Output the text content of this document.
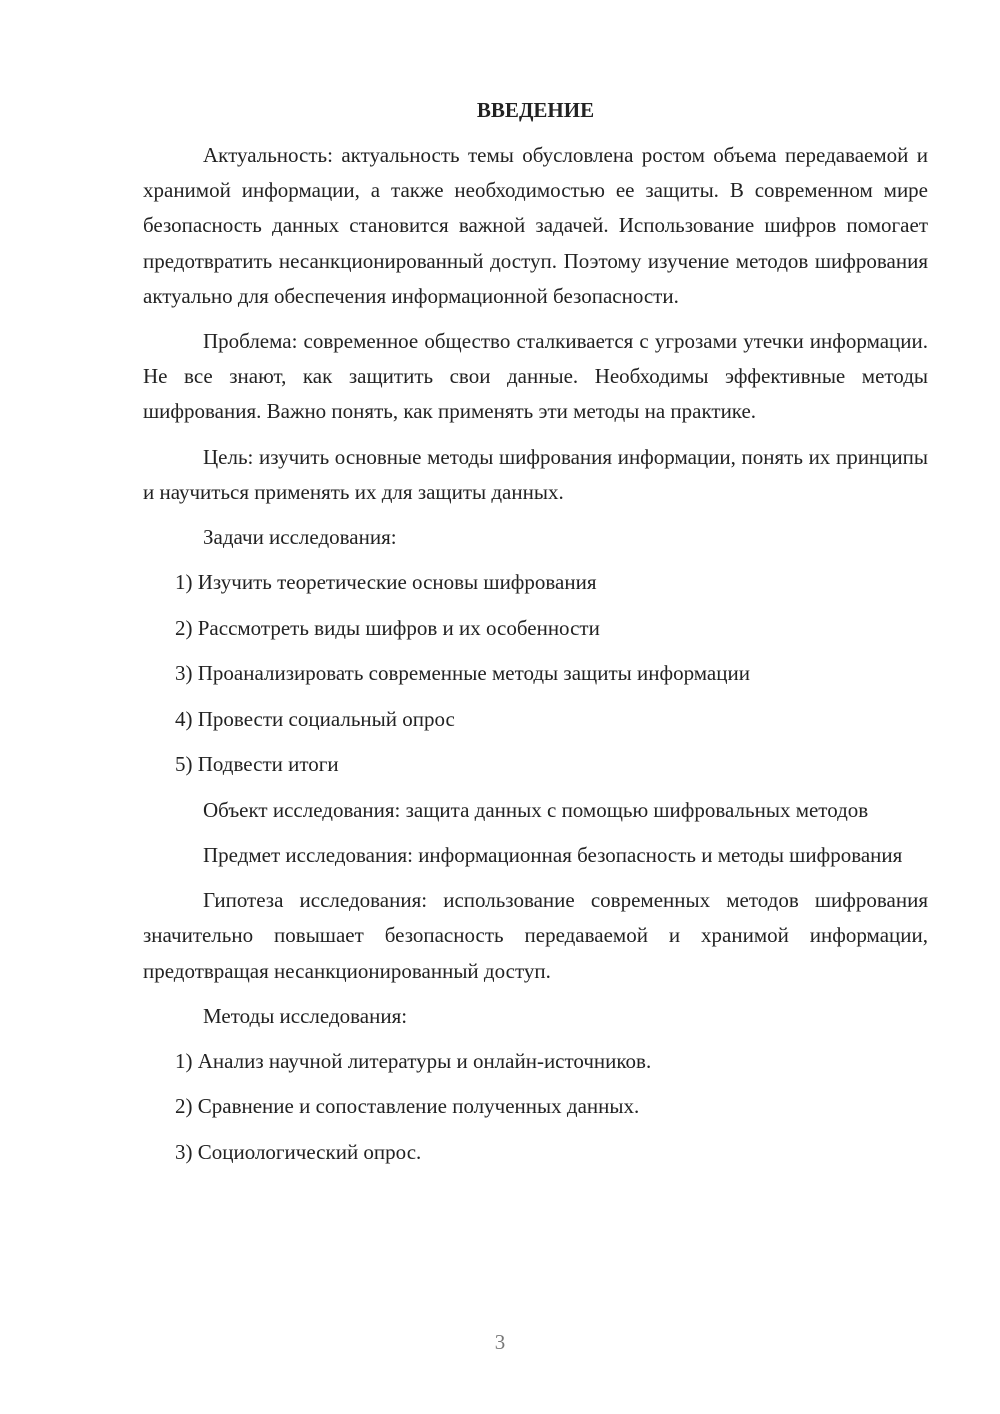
ВВЕДЕНИЕ

Актуальность: актуальность темы обусловлена ростом объема передаваемой и хранимой информации, а также необходимостью ее защиты. В современном мире безопасность данных становится важной задачей. Использование шифров помогает предотвратить несанкционированный доступ. Поэтому изучение методов шифрования актуально для обеспечения информационной безопасности.

Проблема: современное общество сталкивается с угрозами утечки информации. Не все знают, как защитить свои данные. Необходимы эффективные методы шифрования. Важно понять, как применять эти методы на практике.

Цель: изучить основные методы шифрования информации, понять их принципы и научиться применять их для защиты данных.

Задачи исследования:

1) Изучить теоретические основы шифрования
2) Рассмотреть виды шифров и их особенности
3) Проанализировать современные методы защиты информации
4) Провести социальный опрос
5) Подвести итоги

Объект исследования: защита данных с помощью шифровальных методов

Предмет исследования: информационная безопасность и методы шифрования

Гипотеза исследования: использование современных методов шифрования значительно повышает безопасность передаваемой и хранимой информации, предотвращая несанкционированный доступ.

Методы исследования:

1) Анализ научной литературы и онлайн-источников.
2) Сравнение и сопоставление полученных данных.
3) Социологический опрос.
3
